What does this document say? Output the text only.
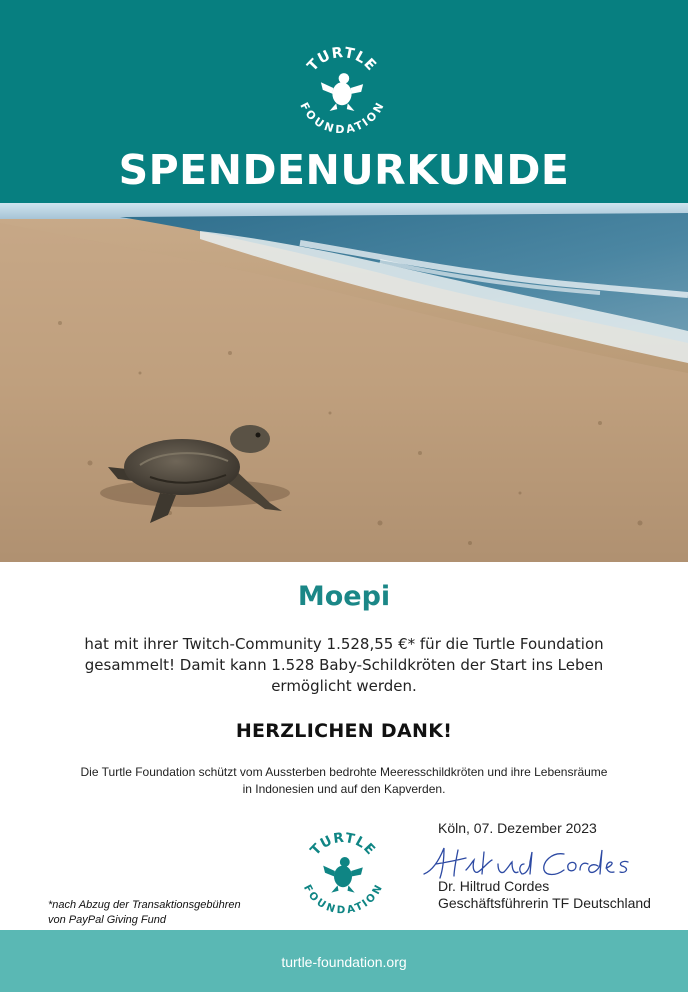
TURTLE
FOUNDATION
SPENDENURKUNDE
Moepi
hat mit ihrer Twitch-Community 1.528,55 €* für die Turtle Foundation
gesammelt! Damit kann 1.528 Baby-Schildkröten der Start ins Leben
ermöglicht werden.
HERZLICHEN DANK!
Die Turtle Foundation schützt vom Aussterben bedrohte Meeresschildkröten und ihre Lebensräume
in Indonesien und auf den Kapverden.
TURTLE
FOUNDATION
*nach Abzug der Transaktionsgebühren
von PayPal Giving Fund
Köln, 07. Dezember 2023
Dr. Hiltrud Cordes
Geschäftsführerin TF Deutschland
turtle-foundation.org
